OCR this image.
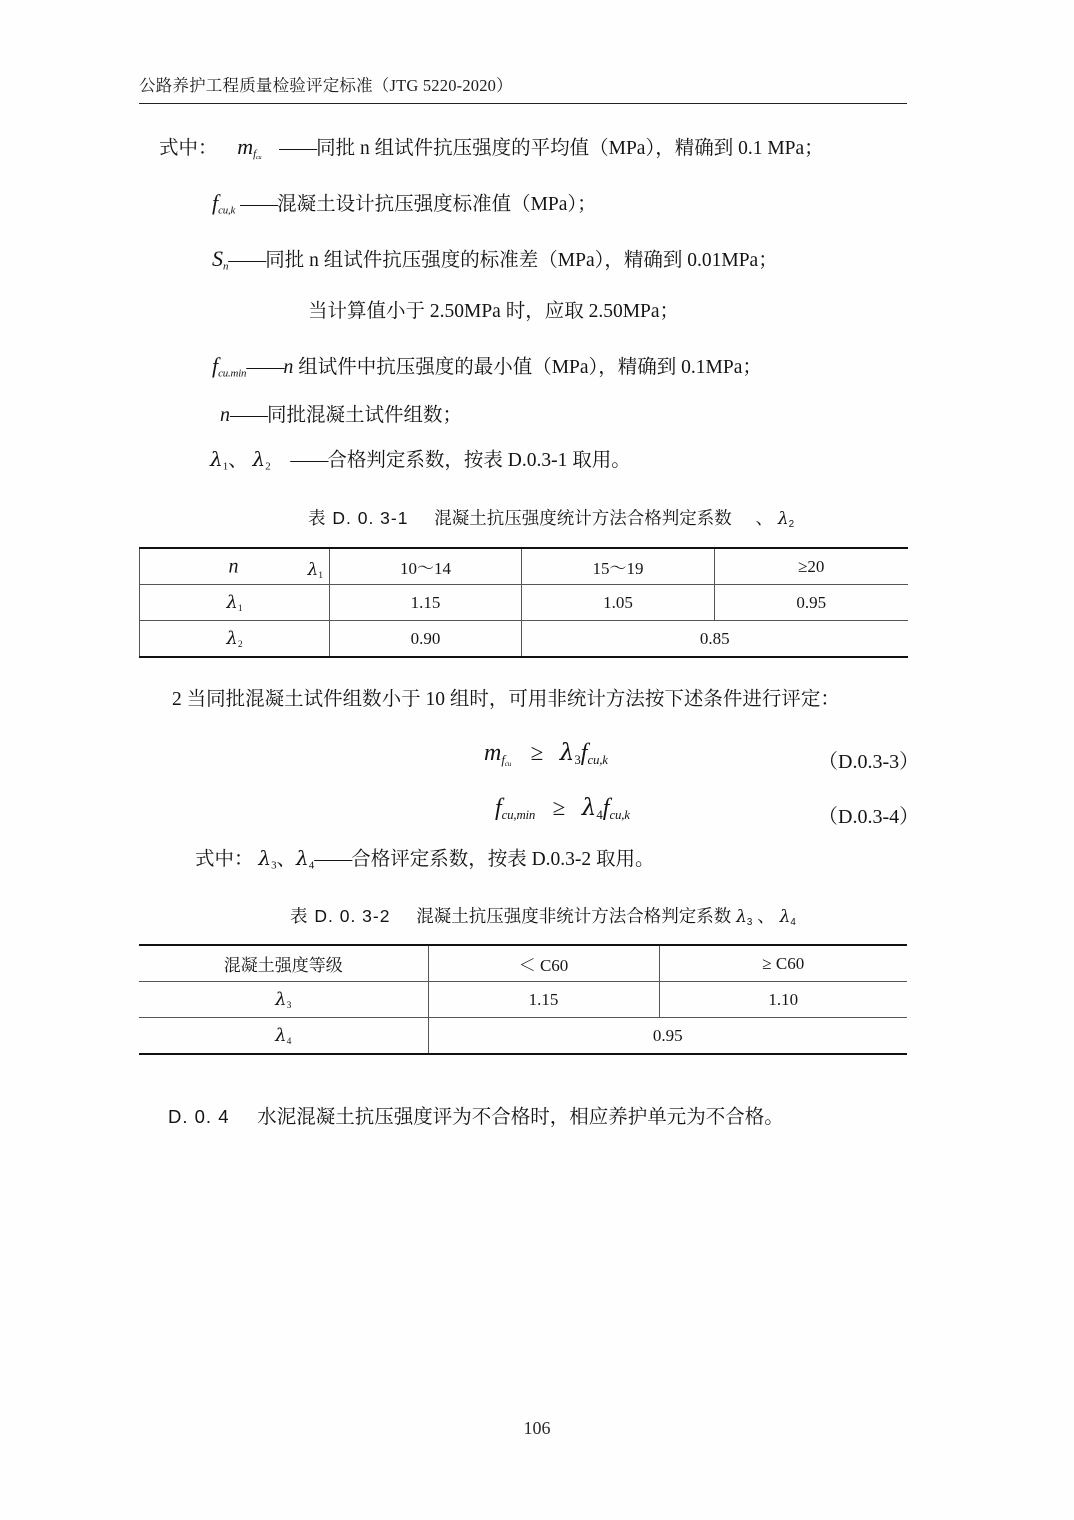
公路养护工程质量检验评定标准（JTG 5220-2020）
式中： $m_{f_{cu}}$ ——同批 n 组试件抗压强度的平均值（MPa），精确到 0.1 MPa；
$f_{cu,k}$ ——混凝土设计抗压强度标准值（MPa）；
$S_n——$同批 n 组试件抗压强度的标准差（MPa），精确到 0.01MPa；
当计算值小于 2.50MPa 时，应取 2.50MPa；
$f_{cu.min}——n$ 组试件中抗压强度的最小值（MPa），精确到 0.1MPa；
n——同批混凝土试件组数；
$\lambda_1$、 $\lambda_2$ ——合格判定系数，按表 D.0.3-1 取用。
表 D. 0. 3-1 混凝土抗压强度统计方法合格判定系数 、 $\lambda_2$
n $\lambda_1$	10～14	15～19	≥20
$\lambda_1$	1.15	1.05	0.95
$\lambda_2$	0.90	0.85	
2 当同批混凝土试件组数小于 10 组时，可用非统计方法按下述条件进行评定：
$m_{f_{cu}} \ge \lambda_3f_{cu,k}$	（D.0.3-3）
$f_{cu,min} \ge \lambda_4f_{cu,k}$	（D.0.3-4）
式中： $\lambda_3$、$\lambda_4——$合格评定系数，按表 D.0.3-2 取用。
表 D. 0. 3-2 混凝土抗压强度非统计方法合格判定系数 $\lambda_3$ 、 $\lambda_4$
混凝土强度等级	＜ C60	≥ C60
$\lambda_3$	1.15	1.10
$\lambda_4$	0.95	
D. 0. 4 水泥混凝土抗压强度评为不合格时，相应养护单元为不合格。
106
